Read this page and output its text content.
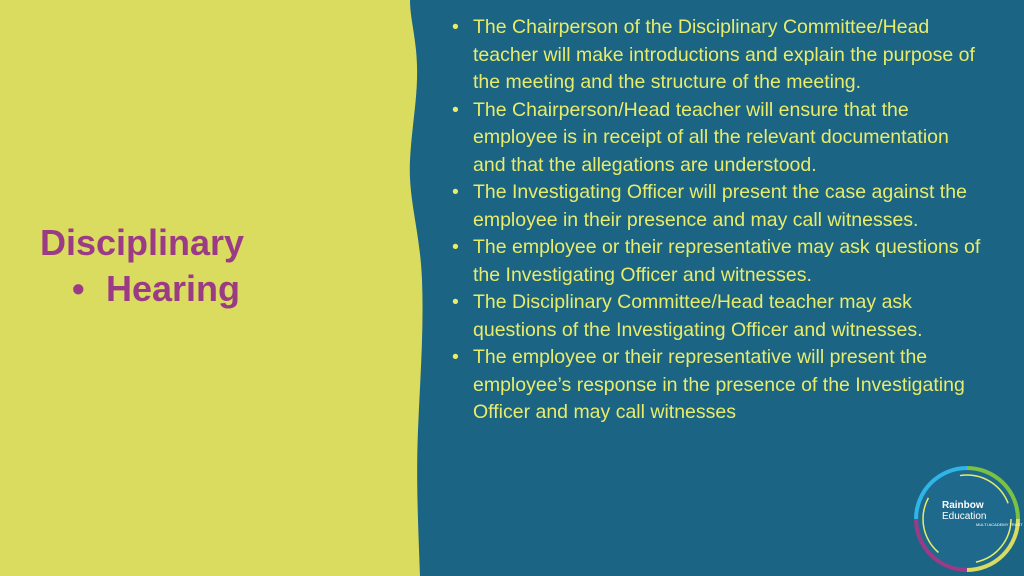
Disciplinary
• Hearing
• The Chairperson of the Disciplinary Committee/Head teacher will make introductions and explain the purpose of the meeting and the structure of the meeting.
• The Chairperson/Head teacher will ensure that the employee is in receipt of all the relevant documentation and that the allegations are understood.
• The Investigating Officer will present the case against the employee in their presence and may call witnesses.
• The employee or their representative may ask questions of the Investigating Officer and witnesses.
• The Disciplinary Committee/Head teacher may ask questions of the Investigating Officer and witnesses.
• The employee or their representative will present the employee’s response in the presence of the Investigating Officer and may call witnesses
Rainbow
Education
MULTI ACADEMY TRUST
